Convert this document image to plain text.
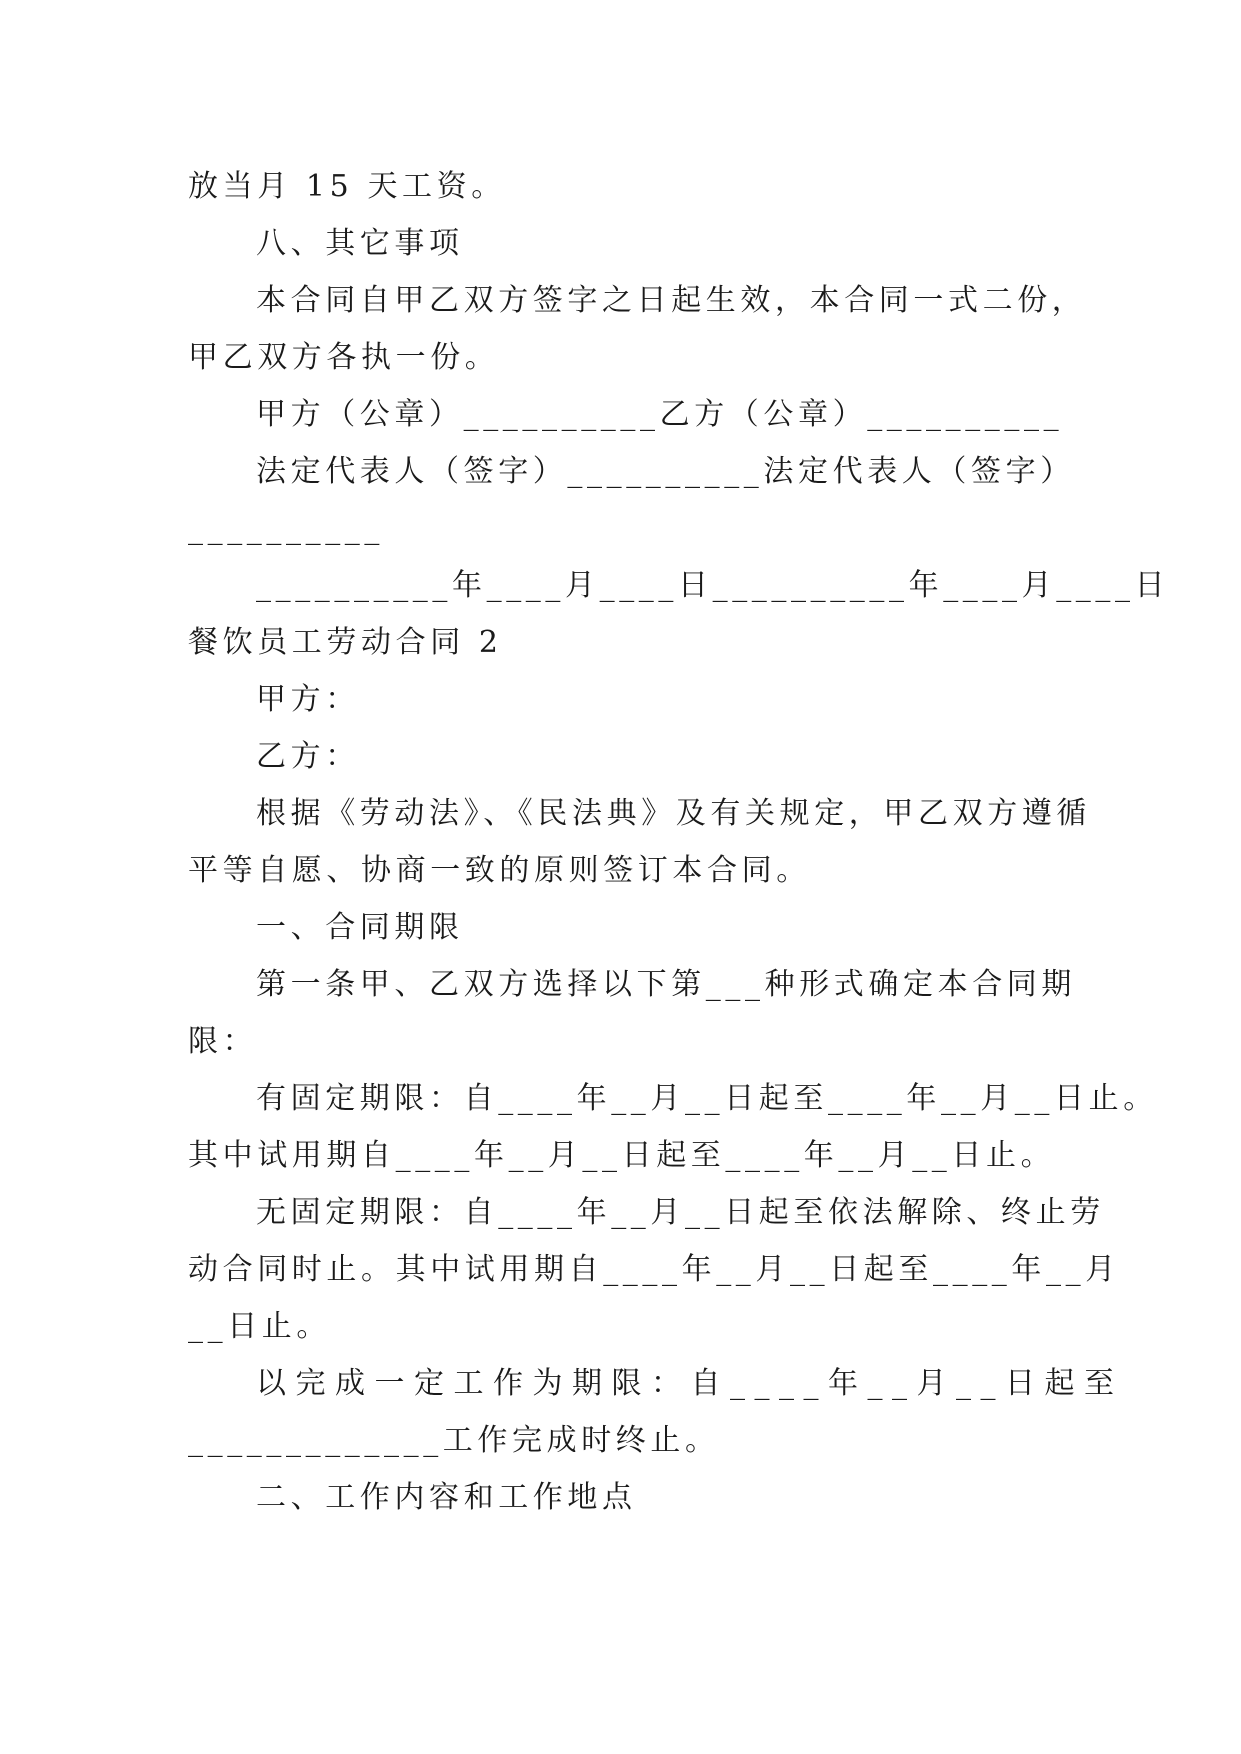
放当月 15 天工资。
八、其它事项
本合同自甲乙双方签字之日起生效，本合同一式二份，
甲乙双方各执一份。
甲方（公章）__________乙方（公章）__________
法定代表人（签字）__________法定代表人（签字）
__________
__________年____月____日__________年____月____日
餐饮员工劳动合同 2
甲方：
乙方：
根据《劳动法》、《民法典》及有关规定，甲乙双方遵循
平等自愿、协商一致的原则签订本合同。
一、合同期限
第一条甲、乙双方选择以下第___种形式确定本合同期
限：
有固定期限：自____年__月__日起至____年__月__日止。
其中试用期自____年__月__日起至____年__月__日止。
无固定期限：自____年__月__日起至依法解除、终止劳
动合同时止。其中试用期自____年__月__日起至____年__月
__日止。
以完成一定工作为期限：自____年__月__日起至
_____________工作完成时终止。
二、工作内容和工作地点
